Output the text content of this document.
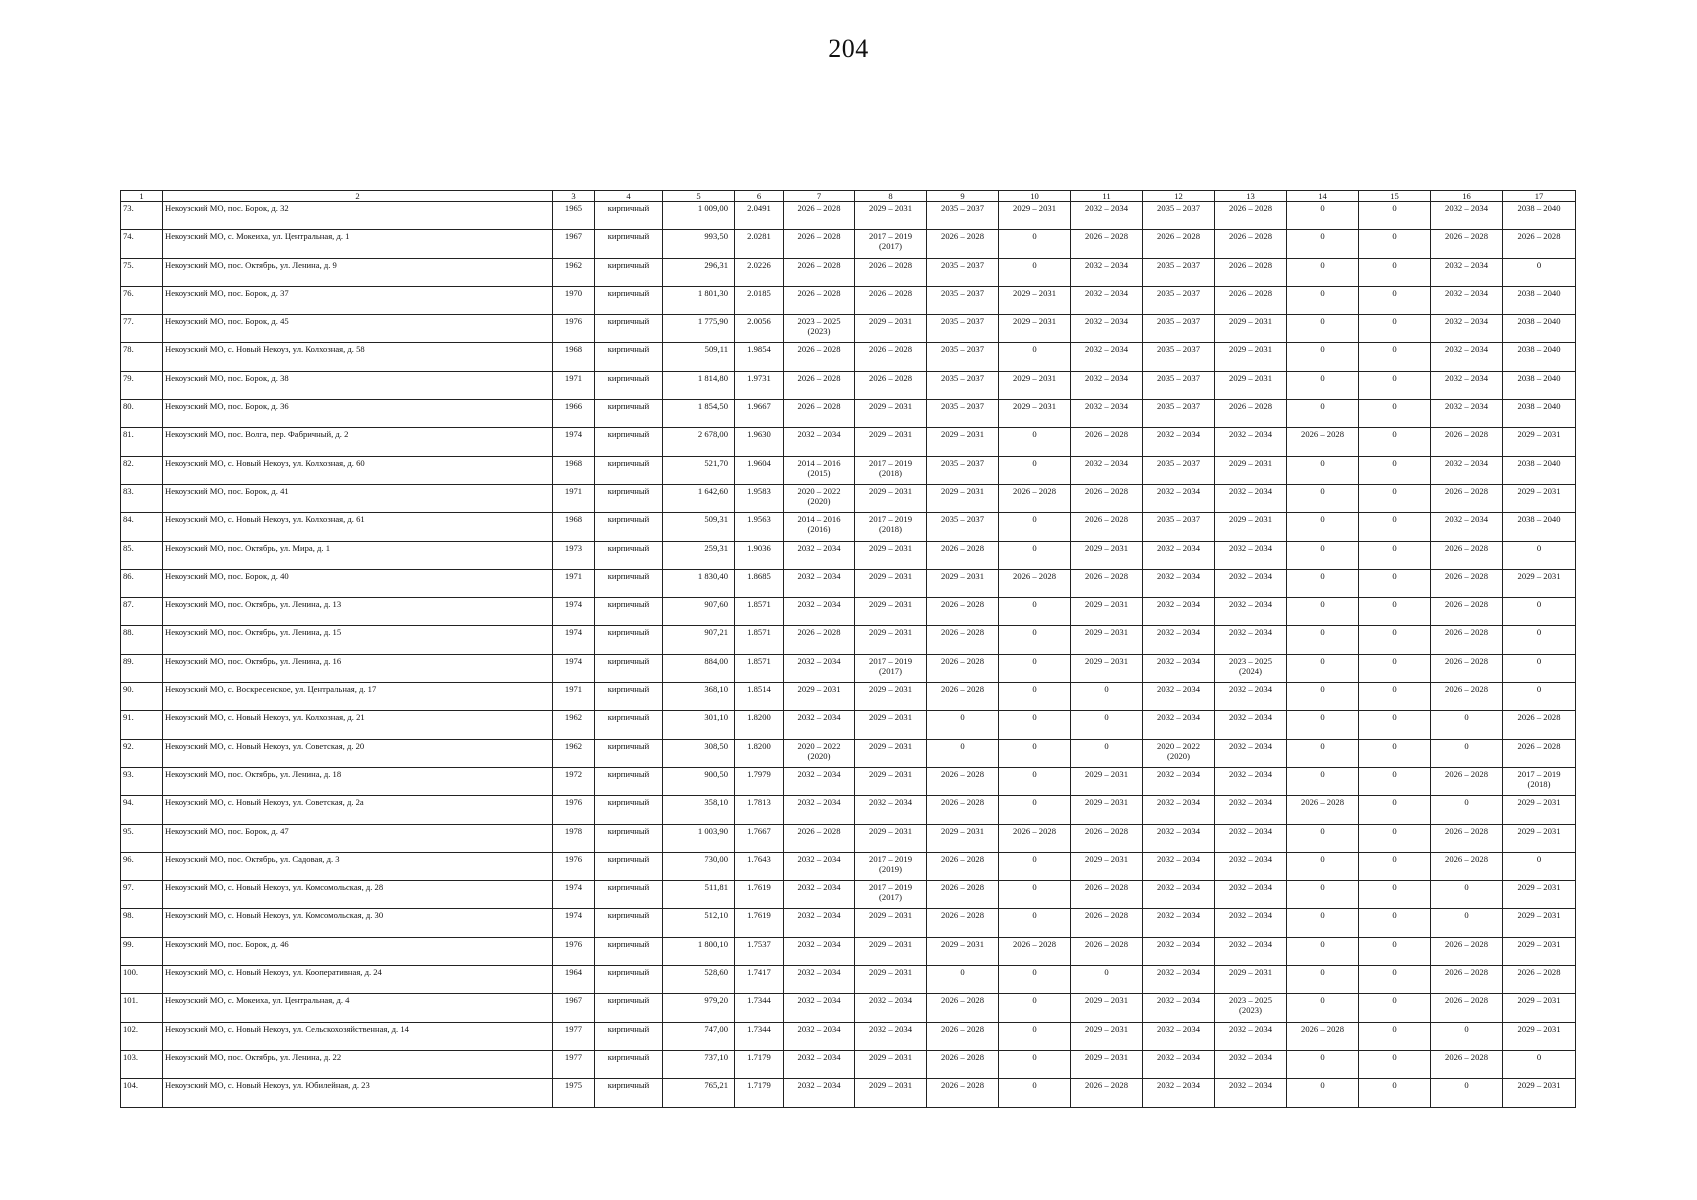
204
1	2	3	4	5	6	7	8	9	10	11	12	13	14	15	16	17
73.	Некоузский МО, пос. Борок, д. 32	1965	кирпичный	1 009,00	2.0491	2026 – 2028	2029 – 2031	2035 – 2037	2029 – 2031	2032 – 2034	2035 – 2037	2026 – 2028	0	0	2032 – 2034	2038 – 2040
74.	Некоузский МО, с. Мокеиха, ул. Центральная, д. 1	1967	кирпичный	993,50	2.0281	2026 – 2028	2017 – 2019
(2017)	2026 – 2028	0	2026 – 2028	2026 – 2028	2026 – 2028	0	0	2026 – 2028	2026 – 2028
75.	Некоузский МО, пос. Октябрь, ул. Ленина, д. 9	1962	кирпичный	296,31	2.0226	2026 – 2028	2026 – 2028	2035 – 2037	0	2032 – 2034	2035 – 2037	2026 – 2028	0	0	2032 – 2034	0
76.	Некоузский МО, пос. Борок, д. 37	1970	кирпичный	1 801,30	2.0185	2026 – 2028	2026 – 2028	2035 – 2037	2029 – 2031	2032 – 2034	2035 – 2037	2026 – 2028	0	0	2032 – 2034	2038 – 2040
77.	Некоузский МО, пос. Борок, д. 45	1976	кирпичный	1 775,90	2.0056	2023 – 2025
(2023)	2029 – 2031	2035 – 2037	2029 – 2031	2032 – 2034	2035 – 2037	2029 – 2031	0	0	2032 – 2034	2038 – 2040
78.	Некоузский МО, с. Новый Некоуз, ул. Колхозная, д. 58	1968	кирпичный	509,11	1.9854	2026 – 2028	2026 – 2028	2035 – 2037	0	2032 – 2034	2035 – 2037	2029 – 2031	0	0	2032 – 2034	2038 – 2040
79.	Некоузский МО, пос. Борок, д. 38	1971	кирпичный	1 814,80	1.9731	2026 – 2028	2026 – 2028	2035 – 2037	2029 – 2031	2032 – 2034	2035 – 2037	2029 – 2031	0	0	2032 – 2034	2038 – 2040
80.	Некоузский МО, пос. Борок, д. 36	1966	кирпичный	1 854,50	1.9667	2026 – 2028	2029 – 2031	2035 – 2037	2029 – 2031	2032 – 2034	2035 – 2037	2026 – 2028	0	0	2032 – 2034	2038 – 2040
81.	Некоузский МО, пос. Волга, пер. Фабричный, д. 2	1974	кирпичный	2 678,00	1.9630	2032 – 2034	2029 – 2031	2029 – 2031	0	2026 – 2028	2032 – 2034	2032 – 2034	2026 – 2028	0	2026 – 2028	2029 – 2031
82.	Некоузский МО, с. Новый Некоуз, ул. Колхозная, д. 60	1968	кирпичный	521,70	1.9604	2014 – 2016
(2015)	2017 – 2019
(2018)	2035 – 2037	0	2032 – 2034	2035 – 2037	2029 – 2031	0	0	2032 – 2034	2038 – 2040
83.	Некоузский МО, пос. Борок, д. 41	1971	кирпичный	1 642,60	1.9583	2020 – 2022
(2020)	2029 – 2031	2029 – 2031	2026 – 2028	2026 – 2028	2032 – 2034	2032 – 2034	0	0	2026 – 2028	2029 – 2031
84.	Некоузский МО, с. Новый Некоуз, ул. Колхозная, д. 61	1968	кирпичный	509,31	1.9563	2014 – 2016
(2016)	2017 – 2019
(2018)	2035 – 2037	0	2026 – 2028	2035 – 2037	2029 – 2031	0	0	2032 – 2034	2038 – 2040
85.	Некоузский МО, пос. Октябрь, ул. Мира, д. 1	1973	кирпичный	259,31	1.9036	2032 – 2034	2029 – 2031	2026 – 2028	0	2029 – 2031	2032 – 2034	2032 – 2034	0	0	2026 – 2028	0
86.	Некоузский МО, пос. Борок, д. 40	1971	кирпичный	1 830,40	1.8685	2032 – 2034	2029 – 2031	2029 – 2031	2026 – 2028	2026 – 2028	2032 – 2034	2032 – 2034	0	0	2026 – 2028	2029 – 2031
87.	Некоузский МО, пос. Октябрь, ул. Ленина, д. 13	1974	кирпичный	907,60	1.8571	2032 – 2034	2029 – 2031	2026 – 2028	0	2029 – 2031	2032 – 2034	2032 – 2034	0	0	2026 – 2028	0
88.	Некоузский МО, пос. Октябрь, ул. Ленина, д. 15	1974	кирпичный	907,21	1.8571	2026 – 2028	2029 – 2031	2026 – 2028	0	2029 – 2031	2032 – 2034	2032 – 2034	0	0	2026 – 2028	0
89.	Некоузский МО, пос. Октябрь, ул. Ленина, д. 16	1974	кирпичный	884,00	1.8571	2032 – 2034	2017 – 2019
(2017)	2026 – 2028	0	2029 – 2031	2032 – 2034	2023 – 2025
(2024)	0	0	2026 – 2028	0
90.	Некоузский МО, с. Воскресенское, ул. Центральная, д. 17	1971	кирпичный	368,10	1.8514	2029 – 2031	2029 – 2031	2026 – 2028	0	0	2032 – 2034	2032 – 2034	0	0	2026 – 2028	0
91.	Некоузский МО, с. Новый Некоуз, ул. Колхозная, д. 21	1962	кирпичный	301,10	1.8200	2032 – 2034	2029 – 2031	0	0	0	2032 – 2034	2032 – 2034	0	0	0	2026 – 2028
92.	Некоузский МО, с. Новый Некоуз, ул. Советская, д. 20	1962	кирпичный	308,50	1.8200	2020 – 2022
(2020)	2029 – 2031	0	0	0	2020 – 2022
(2020)	2032 – 2034	0	0	0	2026 – 2028
93.	Некоузский МО, пос. Октябрь, ул. Ленина, д. 18	1972	кирпичный	900,50	1.7979	2032 – 2034	2029 – 2031	2026 – 2028	0	2029 – 2031	2032 – 2034	2032 – 2034	0	0	2026 – 2028	2017 – 2019
(2018)

94.	Некоузский МО, с. Новый Некоуз, ул. Советская, д. 2а	1976	кирпичный	358,10	1.7813	2032 – 2034	2032 – 2034	2026 – 2028	0	2029 – 2031	2032 – 2034	2032 – 2034	2026 – 2028	0	0	2029 – 2031
95.	Некоузский МО, пос. Борок, д. 47	1978	кирпичный	1 003,90	1.7667	2026 – 2028	2029 – 2031	2029 – 2031	2026 – 2028	2026 – 2028	2032 – 2034	2032 – 2034	0	0	2026 – 2028	2029 – 2031
96.	Некоузский МО, пос. Октябрь, ул. Садовая, д. 3	1976	кирпичный	730,00	1.7643	2032 – 2034	2017 – 2019
(2019)	2026 – 2028	0	2029 – 2031	2032 – 2034	2032 – 2034	0	0	2026 – 2028	0
97.	Некоузский МО, с. Новый Некоуз, ул. Комсомольская, д. 28	1974	кирпичный	511,81	1.7619	2032 – 2034	2017 – 2019
(2017)	2026 – 2028	0	2026 – 2028	2032 – 2034	2032 – 2034	0	0	0	2029 – 2031
98.	Некоузский МО, с. Новый Некоуз, ул. Комсомольская, д. 30	1974	кирпичный	512,10	1.7619	2032 – 2034	2029 – 2031	2026 – 2028	0	2026 – 2028	2032 – 2034	2032 – 2034	0	0	0	2029 – 2031
99.	Некоузский МО, пос. Борок, д. 46	1976	кирпичный	1 800,10	1.7537	2032 – 2034	2029 – 2031	2029 – 2031	2026 – 2028	2026 – 2028	2032 – 2034	2032 – 2034	0	0	2026 – 2028	2029 – 2031
100.	Некоузский МО, с. Новый Некоуз, ул. Кооперативная, д. 24	1964	кирпичный	528,60	1.7417	2032 – 2034	2029 – 2031	0	0	0	2032 – 2034	2029 – 2031	0	0	2026 – 2028	2026 – 2028
101.	Некоузский МО, с. Мокеиха, ул. Центральная, д. 4	1967	кирпичный	979,20	1.7344	2032 – 2034	2032 – 2034	2026 – 2028	0	2029 – 2031	2032 – 2034	2023 – 2025
(2023)	0	0	2026 – 2028	2029 – 2031
102.	Некоузский МО, с. Новый Некоуз, ул. Сельскохозяйственная, д. 14	1977	кирпичный	747,00	1.7344	2032 – 2034	2032 – 2034	2026 – 2028	0	2029 – 2031	2032 – 2034	2032 – 2034	2026 – 2028	0	0	2029 – 2031
103.	Некоузский МО, пос. Октябрь, ул. Ленина, д. 22	1977	кирпичный	737,10	1.7179	2032 – 2034	2029 – 2031	2026 – 2028	0	2029 – 2031	2032 – 2034	2032 – 2034	0	0	2026 – 2028	0
104.	Некоузский МО, с. Новый Некоуз, ул. Юбилейная, д. 23	1975	кирпичный	765,21	1.7179	2032 – 2034	2029 – 2031	2026 – 2028	0	2026 – 2028	2032 – 2034	2032 – 2034	0	0	0	2029 – 2031
